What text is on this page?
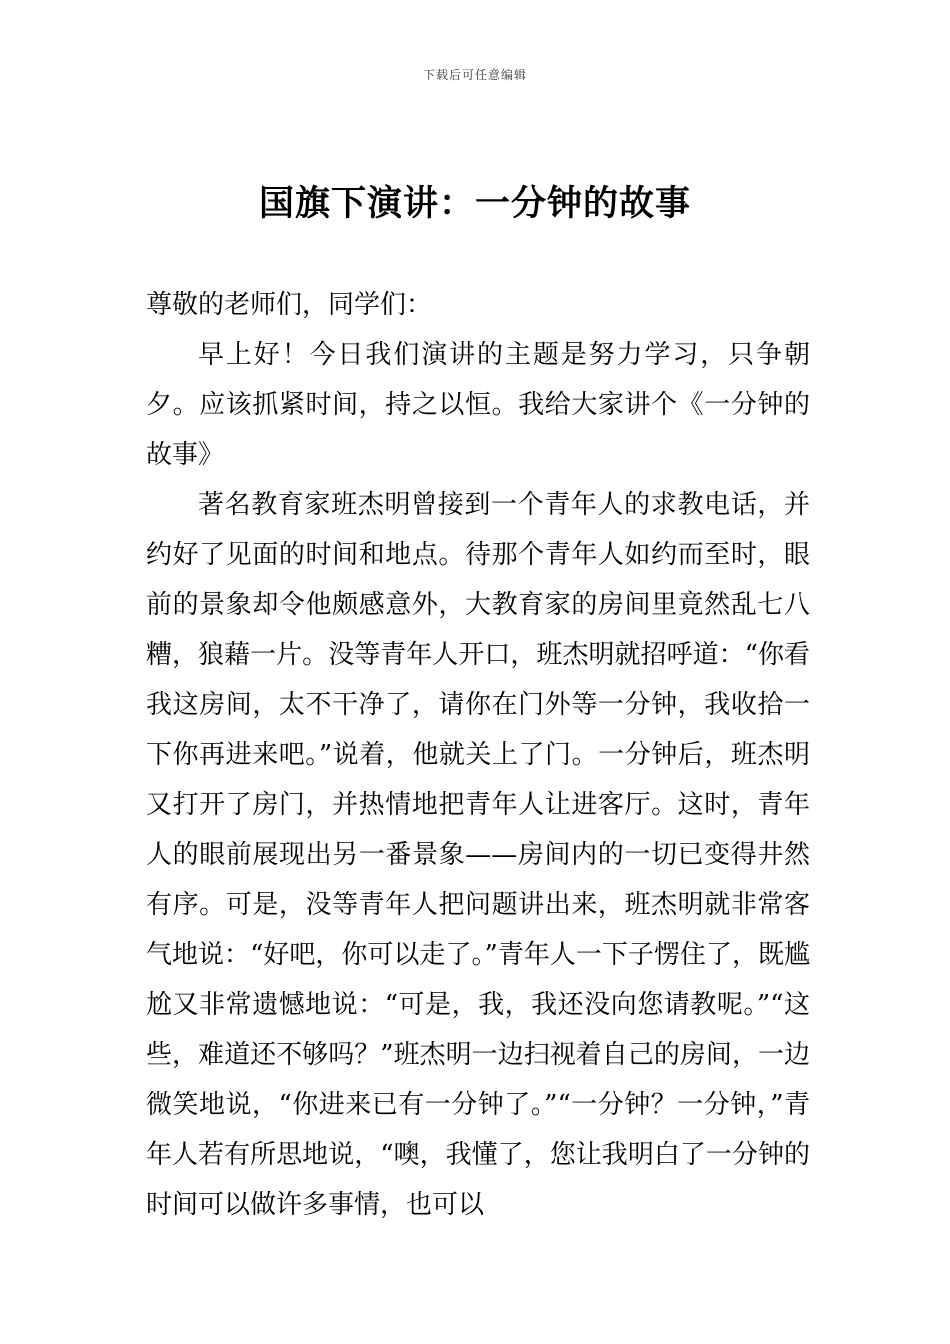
下载后可任意编辑
国旗下演讲：一分钟的故事

尊敬的老师们，同学们：

早上好！今日我们演讲的主题是努力学习，只争朝夕。应该抓紧时间，持之以恒。我给大家讲个《一分钟的故事》

著名教育家班杰明曾接到一个青年人的求教电话，并约好了见面的时间和地点。待那个青年人如约而至时，眼前的景象却令他颇感意外，大教育家的房间里竟然乱七八糟，狼藉一片。没等青年人开口，班杰明就招呼道：“你看我这房间，太不干净了，请你在门外等一分钟，我收拾一下你再进来吧。”说着，他就关上了门。一分钟后，班杰明又打开了房门，并热情地把青年人让进客厅。这时，青年人的眼前展现出另一番景象——房间内的一切已变得井然有序。可是，没等青年人把问题讲出来，班杰明就非常客气地说：“好吧，你可以走了。”青年人一下子愣住了，既尴尬又非常遗憾地说：“可是，我，我还没向您请教呢。”“这些，难道还不够吗？”班杰明一边扫视着自己的房间，一边微笑地说，“你进来已有一分钟了。”“一分钟？一分钟，”青年人若有所思地说，“噢，我懂了，您让我明白了一分钟的时间可以做许多事情，也可以
